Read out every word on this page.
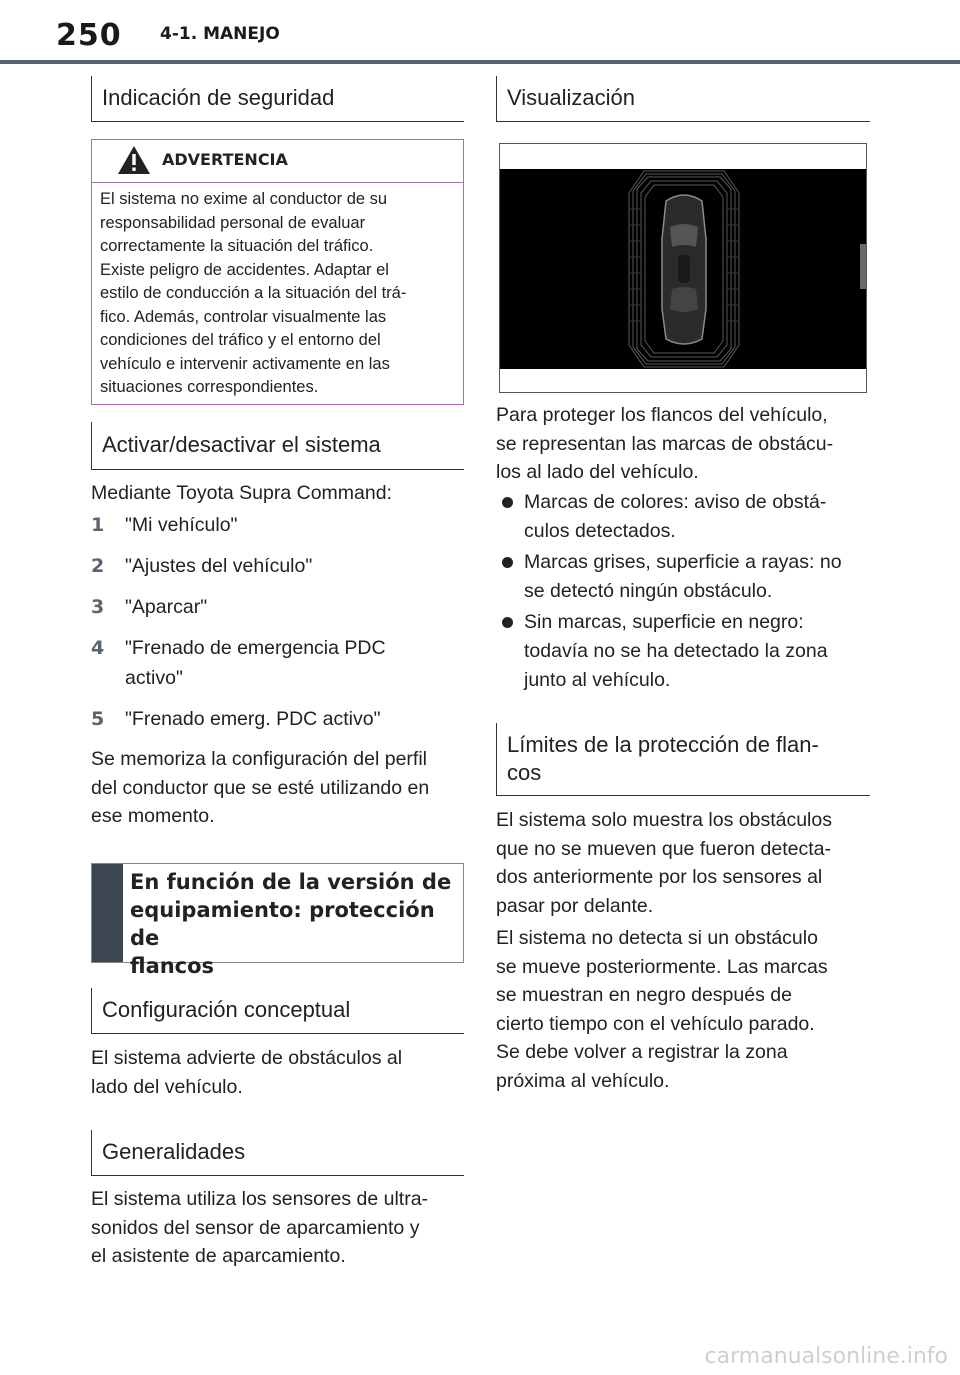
250 4-1. MANEJO
Indicación de seguridad
ADVERTENCIA
El sistema no exime al conductor de su
responsabilidad personal de evaluar
correctamente la situación del tráfico.
Existe peligro de accidentes. Adaptar el
estilo de conducción a la situación del trá-
fico. Además, controlar visualmente las
condiciones del tráfico y el entorno del
vehículo e intervenir activamente en las
situaciones correspondientes.
Activar/desactivar el sistema
Mediante Toyota Supra Command:
1 "Mi vehículo"
2 "Ajustes del vehículo"
3 "Aparcar"
4 "Frenado de emergencia PDC
activo"
5 "Frenado emerg. PDC activo"
Se memoriza la configuración del perfil
del conductor que se esté utilizando en
ese momento.
En función de la versión de
equipamiento: protección de
flancos
Configuración conceptual
El sistema advierte de obstáculos al
lado del vehículo.
Generalidades
El sistema utiliza los sensores de ultra-
sonidos del sensor de aparcamiento y
el asistente de aparcamiento.
Visualización
Para proteger los flancos del vehículo,
se representan las marcas de obstácu-
los al lado del vehículo.
Marcas de colores: aviso de obstá-
culos detectados.
Marcas grises, superficie a rayas: no
se detectó ningún obstáculo.
Sin marcas, superficie en negro:
todavía no se ha detectado la zona
junto al vehículo.
Límites de la protección de flan-
cos
El sistema solo muestra los obstáculos
que no se mueven que fueron detecta-
dos anteriormente por los sensores al
pasar por delante.
El sistema no detecta si un obstáculo
se mueve posteriormente. Las marcas
se muestran en negro después de
cierto tiempo con el vehículo parado.
Se debe volver a registrar la zona
próxima al vehículo.
carmanualsonline.info
